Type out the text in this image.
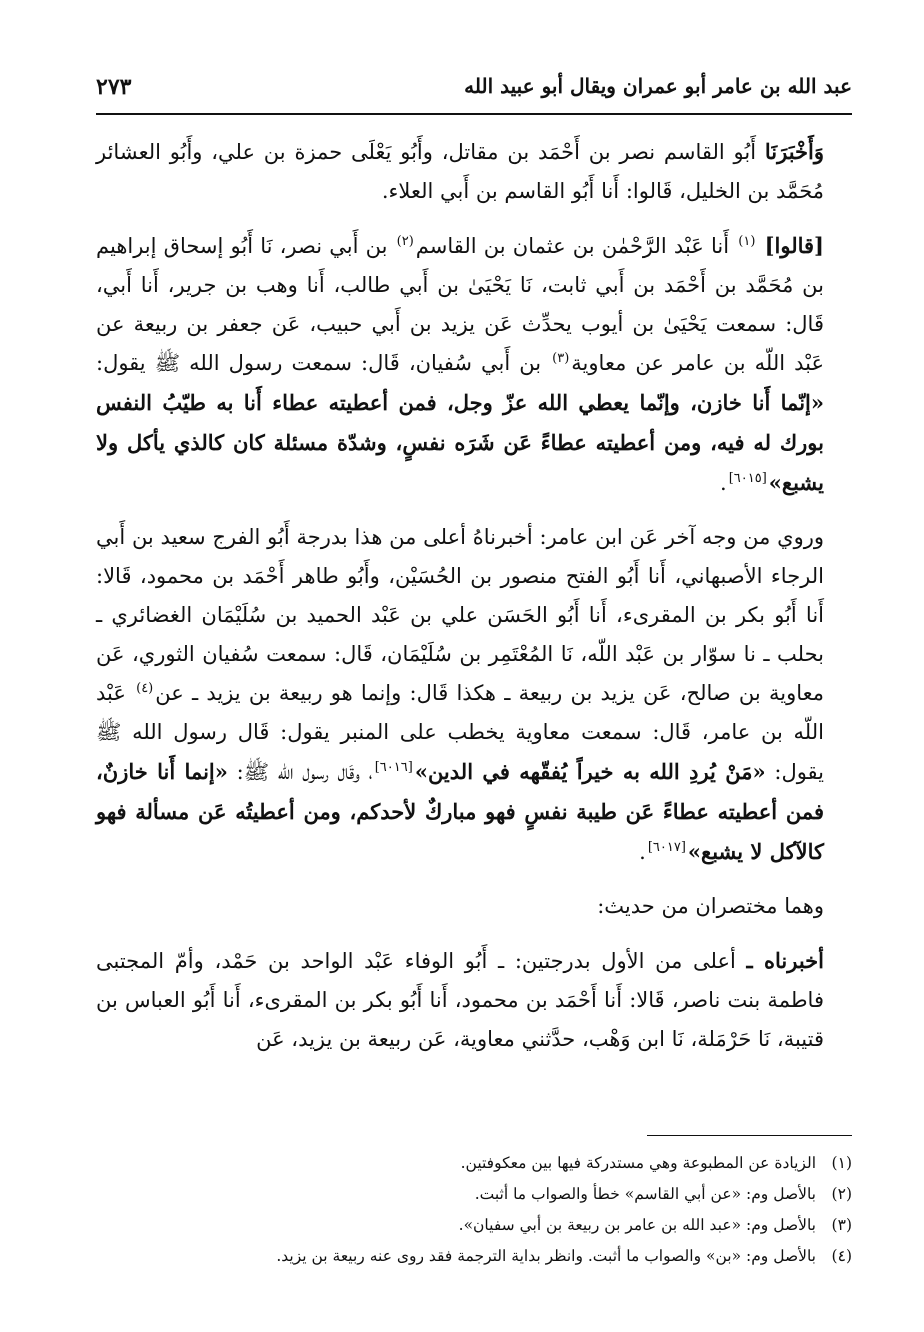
عبد الله بن عامر أبو عمران ويقال أبو عبيد الله
٢٧٣

وَأَخْبَرَنَا أَبُو القاسم نصر بن أَحْمَد بن مقاتل، وأَبُو يَعْلَى حمزة بن علي، وأَبُو العشائر مُحَمَّد بن الخليل، قَالوا: أَنا أَبُو القاسم بن أَبي العلاء.

[قالوا] $^{(١)}$ أَنا عَبْد الرَّحْمٰن بن عثمان بن القاسم$^{(٢)}$ بن أَبي نصر، نَا أَبُو إسحاق إبراهيم بن مُحَمَّد بن أَحْمَد بن أَبي ثابت، نَا يَحْيَىٰ بن أَبي طالب، أَنا وهب بن جرير، أَنا أَبي، قَال: سمعت يَحْيَىٰ بن أيوب يحدِّث عَن يزيد بن أَبي حبيب، عَن جعفر بن ربيعة عن عَبْد اللّه بن عامر عن معاوية$^{(٣)}$ بن أَبي سُفيان، قَال: سمعت رسول الله ﷺ يقول: «إنّما أَنا خازن، وإنّما يعطي الله عزّ وجل، فمن أعطيته عطاء أَنا به طيّبُ النفس بورك له فيه، ومن أعطيته عطاءً عَن شَرَه نفسٍ، وشدّة مسئلة كان كالذي يأكل ولا يشبع»[٦٠١٥].

وروي من وجه آخر عَن ابن عامر: أخبرناهُ أعلى من هذا بدرجة أَبُو الفرج سعيد بن أَبي الرجاء الأصبهاني، أَنا أَبُو الفتح منصور بن الحُسَيْن، وأَبُو طاهر أَحْمَد بن محمود، قَالا: أَنا أَبُو بكر بن المقرىء، أَنا أَبُو الحَسَن علي بن عَبْد الحميد بن سُلَيْمَان الغضائري ـ بحلب ـ نا سوّار بن عَبْد اللّه، نَا المُعْتَمِر بن سُلَيْمَان، قَال: سمعت سُفيان الثوري، عَن معاوية بن صالح، عَن يزيد بن ربيعة ـ هكذا قَال: وإنما هو ربيعة بن يزيد ـ عن$^{(٤)}$ عَبْد اللّه بن عامر، قَال: سمعت معاوية يخطب على المنبر يقول: قَال رسول الله ﷺ يقول: «مَنْ يُردِ الله به خيراً يُفقّهه في الدين»[٦٠١٦]، وقَال رسول الله ﷺ: «إنما أَنا خازنٌ، فمن أعطيته عطاءً عَن طيبة نفسٍ فهو مباركٌ لأحدكم، ومن أعطيتُه عَن مسألة فهو كالآكل لا يشبع»[٦٠١٧].

وهما مختصران من حديث:

أخبرناه ـ أعلى من الأول بدرجتين: ـ أَبُو الوفاء عَبْد الواحد بن حَمْد، وأمّ المجتبى فاطمة بنت ناصر، قَالا: أَنا أَحْمَد بن محمود، أَنا أَبُو بكر بن المقرىء، أَنا أَبُو العباس بن قتيبة، نَا حَرْمَلة، نَا ابن وَهْب، حدَّثني معاوية، عَن ربيعة بن يزيد، عَن

(١)الزيادة عن المطبوعة وهي مستدركة فيها بين معكوفتين.
(٢)بالأصل وم: «عن أبي القاسم» خطأ والصواب ما أثبت.
(٣)بالأصل وم: «عبد الله بن عامر بن ربيعة بن أبي سفيان».
(٤)بالأصل وم: «بن» والصواب ما أثبت. وانظر بداية الترجمة فقد روى عنه ربيعة بن يزيد.
